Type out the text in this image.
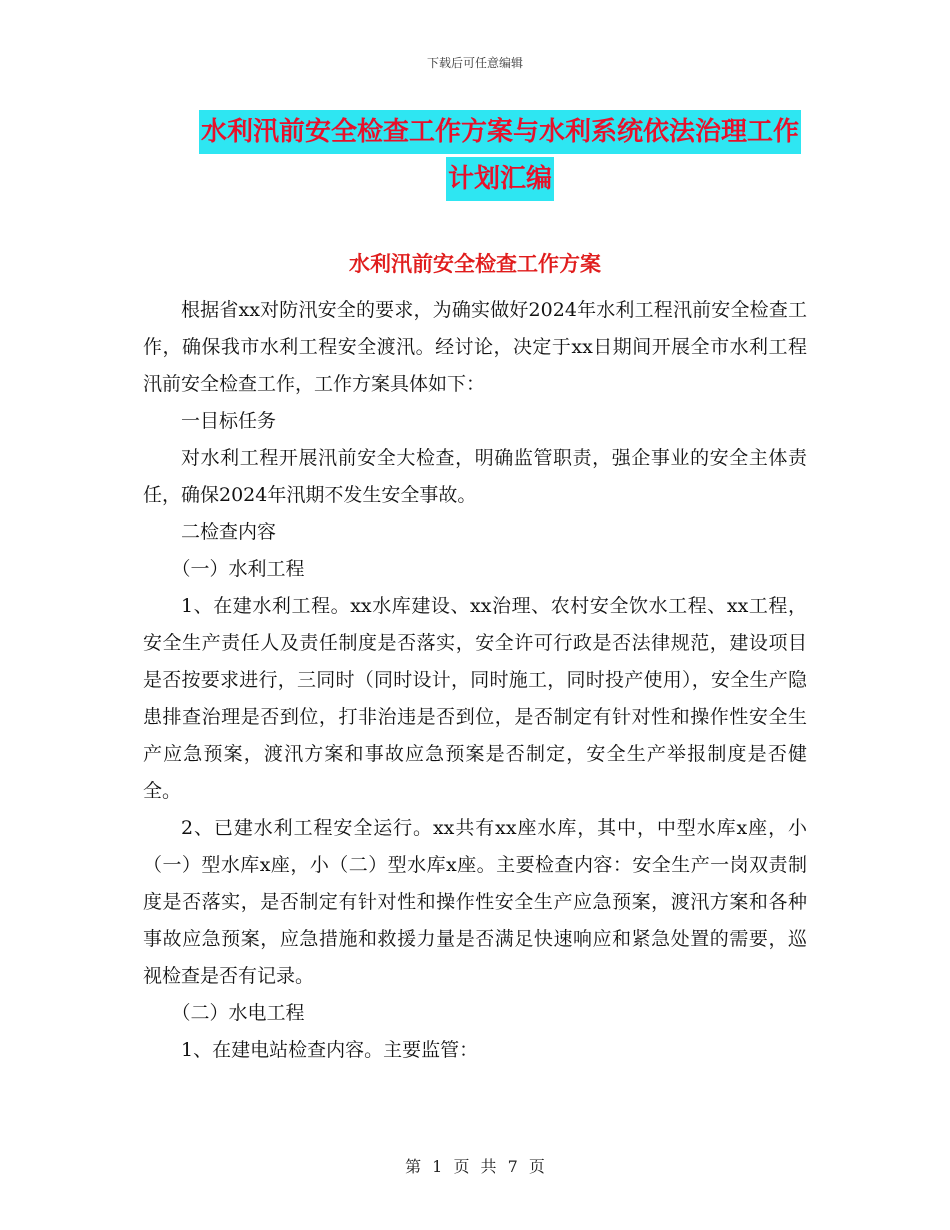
下载后可任意编辑
水利汛前安全检查工作方案与水利系统依法治理工作
计划汇编
水利汛前安全检查工作方案

根据省xx对防汛安全的要求，为确实做好2024年水利工程汛前安全检查工作，确保我市水利工程安全渡汛。经讨论，决定于xx日期间开展全市水利工程汛前安全检查工作，工作方案具体如下：

一目标任务

对水利工程开展汛前安全大检查，明确监管职责，强企事业的安全主体责任，确保2024年汛期不发生安全事故。

二检查内容

（一）水利工程

1、在建水利工程。xx水库建设、xx治理、农村安全饮水工程、xx工程，安全生产责任人及责任制度是否落实，安全许可行政是否法律规范，建设项目是否按要求进行，三同时（同时设计，同时施工，同时投产使用），安全生产隐患排查治理是否到位，打非治违是否到位，是否制定有针对性和操作性安全生产应急预案，渡汛方案和事故应急预案是否制定，安全生产举报制度是否健全。

2、已建水利工程安全运行。xx共有xx座水库，其中，中型水库x座，小（一）型水库x座，小（二）型水库x座。主要检查内容：安全生产一岗双责制度是否落实，是否制定有针对性和操作性安全生产应急预案，渡汛方案和各种事故应急预案，应急措施和救援力量是否满足快速响应和紧急处置的需要，巡视检查是否有记录。

（二）水电工程

1、在建电站检查内容。主要监管：

第 1 页 共 7 页
